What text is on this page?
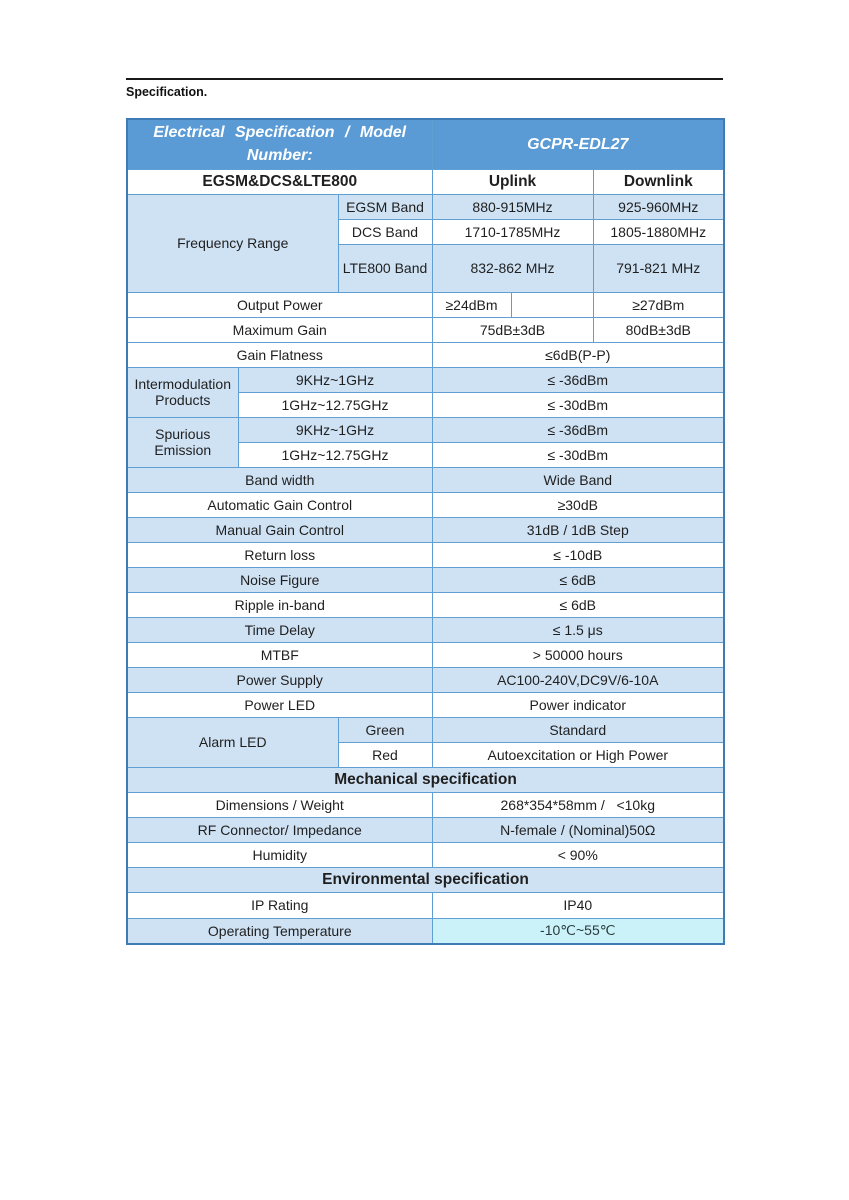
Specification.
Electrical Specification / Model Number:			GCPR-EDL27		
EGSM&DCS&LTE800			Uplink		Downlink
Frequency Range		EGSM Band	880-915MHz		925-960MHz
		DCS Band	1710-1785MHz		1805-1880MHz
		LTE800 Band	832-862 MHz		791-821 MHz
Output Power			≥24dBm		≥27dBm
Maximum Gain			75dB±3dB		80dB±3dB
Gain Flatness			≤6dB(P-P)		
Intermodulation Products	9KHz~1GHz		≤ -36dBm		
	1GHz~12.75GHz		≤ -30dBm		
Spurious Emission	9KHz~1GHz		≤ -36dBm		
	1GHz~12.75GHz		≤ -30dBm		
Band width			Wide Band		
Automatic Gain Control			≥30dB		
Manual Gain Control			31dB / 1dB Step		
Return loss			≤ -10dB		
Noise Figure			≤ 6dB		
Ripple in-band			≤ 6dB		
Time Delay			≤ 1.5 μs		
MTBF			> 50000 hours		
Power Supply			AC100-240V,DC9V/6-10A		
Power LED			Power indicator		
Alarm LED		Green	Standard		
		Red	Autoexcitation or High Power		
Mechanical specification					
Dimensions / Weight			268*354*58mm /   <10kg		
RF Connector/ Impedance			N-female / (Nominal)50Ω		
Humidity			< 90%		
Environmental specification					
IP Rating			IP40		
Operating Temperature			-10℃~55℃		
